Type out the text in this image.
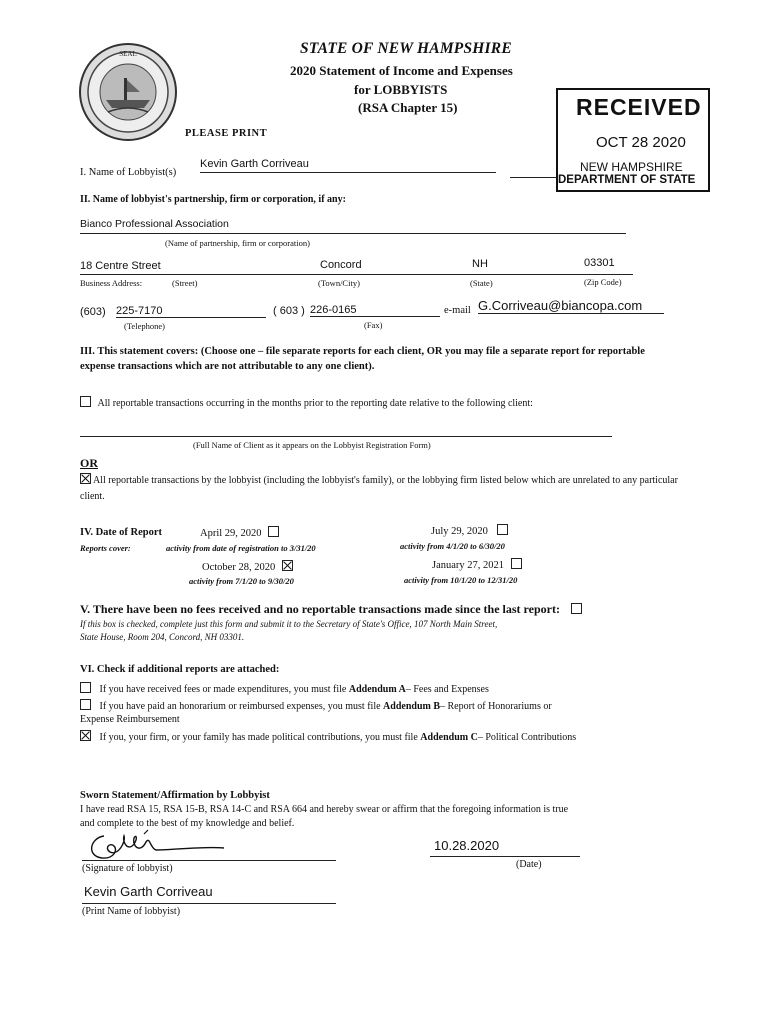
SEAL	STATE OF NEW HAMPSHIRE
2020 Statement of Income and Expenses
for LOBBYISTS
(RSA Chapter 15)
PLEASE PRINT
RECEIVED
OCT 28 2020
NEW HAMPSHIRE
DEPARTMENT OF STATE
I. Name of Lobbyist(s)
Kevin Garth Corriveau
II. Name of lobbyist's partnership, firm or corporation, if any:
Bianco Professional Association
(Name of partnership, firm or corporation)
18 Centre Street	Concord	NH	03301
Business Address:	(Street)	(Town/City)	(State)	(Zip Code)
(603) 225-7170
(Telephone)
( 603 ) 226-0165
(Fax)
e-mail G.Corriveau@biancopa.com
III. This statement covers: (Choose one – file separate reports for each client, OR you may file a separate report for reportable expense transactions which are not attributable to any one client).
All reportable transactions occurring in the months prior to the reporting date relative to the following client:
(Full Name of Client as it appears on the Lobbyist Registration Form)
OR
All reportable transactions by the lobbyist (including the lobbyist's family), or the lobbying firm listed below which are unrelated to any particular client.
IV. Date of Report
Reports cover:
April 29, 2020
activity from date of registration to 3/31/20
July 29, 2020
activity from 4/1/20 to 6/30/20
October 28, 2020
activity from 7/1/20 to 9/30/20
January 27, 2021
activity from 10/1/20 to 12/31/20
V. There have been no fees received and no reportable transactions made since the last report:
If this box is checked, complete just this form and submit it to the Secretary of State's Office, 107 North Main Street,
State House, Room 204, Concord, NH 03301.
VI. Check if additional reports are attached:
If you have received fees or made expenditures, you must file Addendum A– Fees and Expenses
If you have paid an honorarium or reimbursed expenses, you must file Addendum B– Report of Honorariums or
Expense Reimbursement
If you, your firm, or your family has made political contributions, you must file Addendum C– Political Contributions
Sworn Statement/Affirmation by Lobbyist
I have read RSA 15, RSA 15-B, RSA 14-C and RSA 664 and hereby swear or affirm that the foregoing information is true
and complete to the best of my knowledge and belief.
(Signature of lobbyist)
10.28.2020
(Date)
Kevin Garth Corriveau
(Print Name of lobbyist)
